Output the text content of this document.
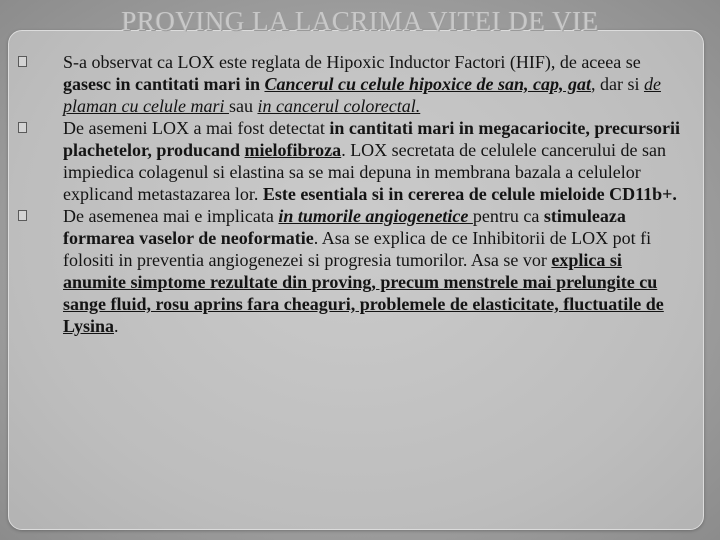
PROVING LA LACRIMA VITEI DE VIE
S-a observat ca LOX este reglata de Hipoxic Inductor Factori (HIF), de aceea se gasesc in cantitati mari in Cancerul cu celule hipoxice de san, cap, gat, dar si de plaman cu celule mari sau in cancerul colorectal.
De asemeni LOX a mai fost detectat in cantitati mari in megacariocite, precursorii plachetelor, producand mielofibroza. LOX secretata de celulele cancerului de san impiedica colagenul si elastina sa se mai depuna in membrana bazala a celulelor explicand metastazarea lor. Este esentiala si in cererea de celule mieloide CD11b+.
De asemenea mai e implicata in tumorile angiogenetice pentru ca stimuleaza formarea vaselor de neoformatie. Asa se explica de ce Inhibitorii de LOX pot fi folositi in preventia angiogenezei si progresia tumorilor. Asa se vor explica si anumite simptome rezultate din proving, precum menstrele mai prelungite cu sange fluid, rosu aprins fara cheaguri, problemele de elasticitate, fluctuatile de Lysina.
